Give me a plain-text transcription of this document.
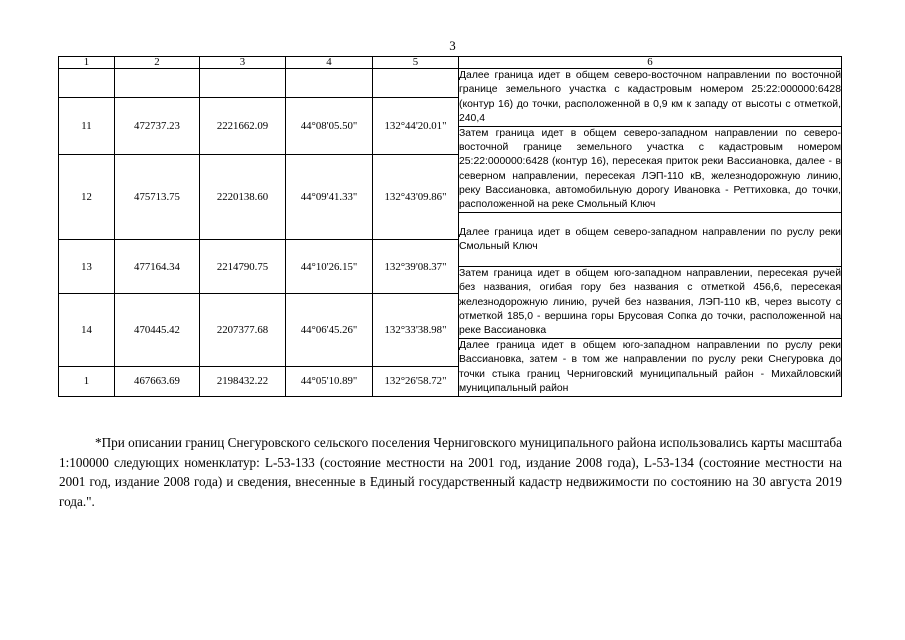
3
1	2	3	4	5	6
					Далее граница идет в общем северо-восточном направлении по восточной границе земельного участка с кадастровым номером 25:22:000000:6428 (контур 16) до точки, расположенной в 0,9 км к западу от высоты с отметкой, 240,4
11	472737.23	2221662.09	44°08'05.50"	132°44'20.01"	
					Затем граница идет в общем северо-западном направлении по северо-восточной границе земельного участка с кадастровым номером 25:22:000000:6428 (контур 16), пересекая приток реки Вассиановка, далее - в северном направлении, пересекая ЛЭП-110 кВ, железнодорожную линию, реку Вассиановка, автомобильную дорогу Ивановка - Реттиховка, до точки, расположенной на реке Смольный Ключ
12	475713.75	2220138.60	44°09'41.33"	132°43'09.86"	
					Далее граница идет в общем северо-западном направлении по руслу реки Смольный Ключ
13	477164.34	2214790.75	44°10'26.15"	132°39'08.37"	
					Затем граница идет в общем юго-западном направлении, пересекая ручей без названия, огибая гору без названия с отметкой 456,6, пересекая железнодорожную линию, ручей без названия, ЛЭП-110 кВ, через высоту с отметкой 185,0 - вершина горы Брусовая Сопка до точки, расположенной на реке Вассиановка
14	470445.42	2207377.68	44°06'45.26"	132°33'38.98"	
					Далее граница идет в общем юго-западном направлении по руслу реки Вассиановка, затем - в том же направлении по руслу реки Снегуровка до точки стыка границ Черниговский муниципальный район - Михайловский муниципальный район
1	467663.69	2198432.22	44°05'10.89"	132°26'58.72"	

*При описании границ Снегуровского сельского поселения Черниговского муниципального района использовались карты масштаба 1:100000 следующих номенклатур: L-53-133 (состояние местности на 2001 год, издание 2008 года), L-53-134 (состояние местности на 2001 год, издание 2008 года) и сведения, внесенные в Единый государственный кадастр недвижимости по состоянию на 30 августа 2019 года.".
